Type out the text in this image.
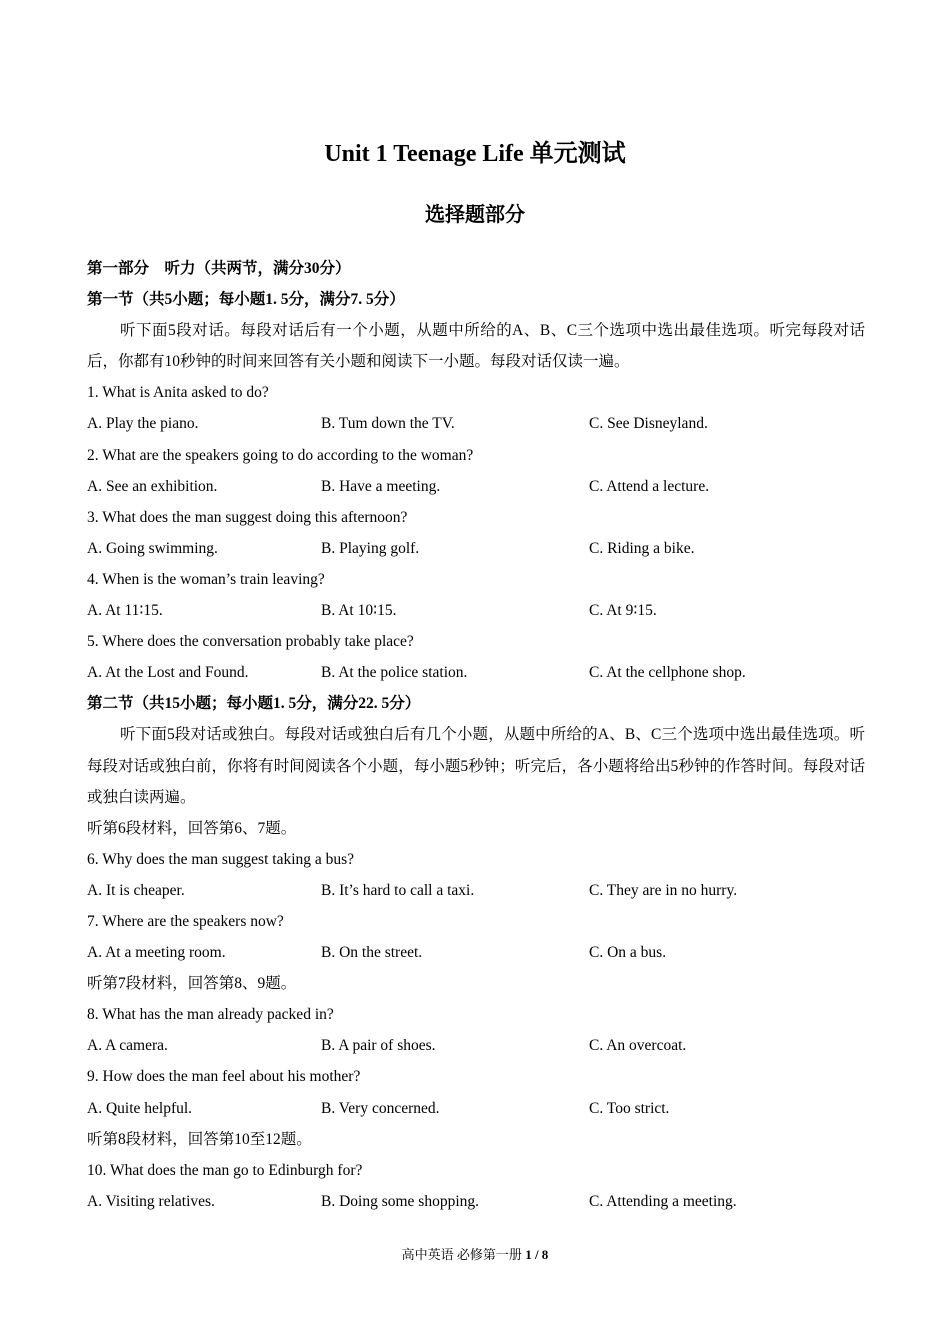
Unit 1 Teenage Life 单元测试
选择题部分
第一部分　听力（共两节，满分30分）
第一节（共5小题；每小题1. 5分，满分7. 5分）
听下面5段对话。每段对话后有一个小题，从题中所给的A、B、C三个选项中选出最佳选项。听完每段对话后，你都有10秒钟的时间来回答有关小题和阅读下一小题。每段对话仅读一遍。
1. What is Anita asked to do?
A. Play the piano.	B. Tum down the TV.	C. See Disneyland.
2. What are the speakers going to do according to the woman?
A. See an exhibition.	B. Have a meeting.	C. Attend a lecture.
3. What does the man suggest doing this afternoon?
A. Going swimming.	B. Playing golf.	C. Riding a bike.
4. When is the woman’s train leaving?
A. At 11∶15.	B. At 10∶15.	C. At 9∶15.
5. Where does the conversation probably take place?
A. At the Lost and Found.	B. At the police station.	C. At the cellphone shop.
第二节（共15小题；每小题1. 5分，满分22. 5分）
听下面5段对话或独白。每段对话或独白后有几个小题，从题中所给的A、B、C三个选项中选出最佳选项。听每段对话或独白前，你将有时间阅读各个小题，每小题5秒钟；听完后，各小题将给出5秒钟的作答时间。每段对话或独白读两遍。
听第6段材料，回答第6、7题。
6. Why does the man suggest taking a bus?
A. It is cheaper.	B. It’s hard to call a taxi.	C. They are in no hurry.
7. Where are the speakers now?
A. At a meeting room.	B. On the street.	C. On a bus.
听第7段材料，回答第8、9题。
8. What has the man already packed in?
A. A camera.	B. A pair of shoes.	C. An overcoat.
9. How does the man feel about his mother?
A. Quite helpful.	B. Very concerned.	C. Too strict.
听第8段材料，回答第10至12题。
10. What does the man go to Edinburgh for?
A. Visiting relatives.	B. Doing some shopping.	C. Attending a meeting.
高中英语 必修第一册 1 / 8
